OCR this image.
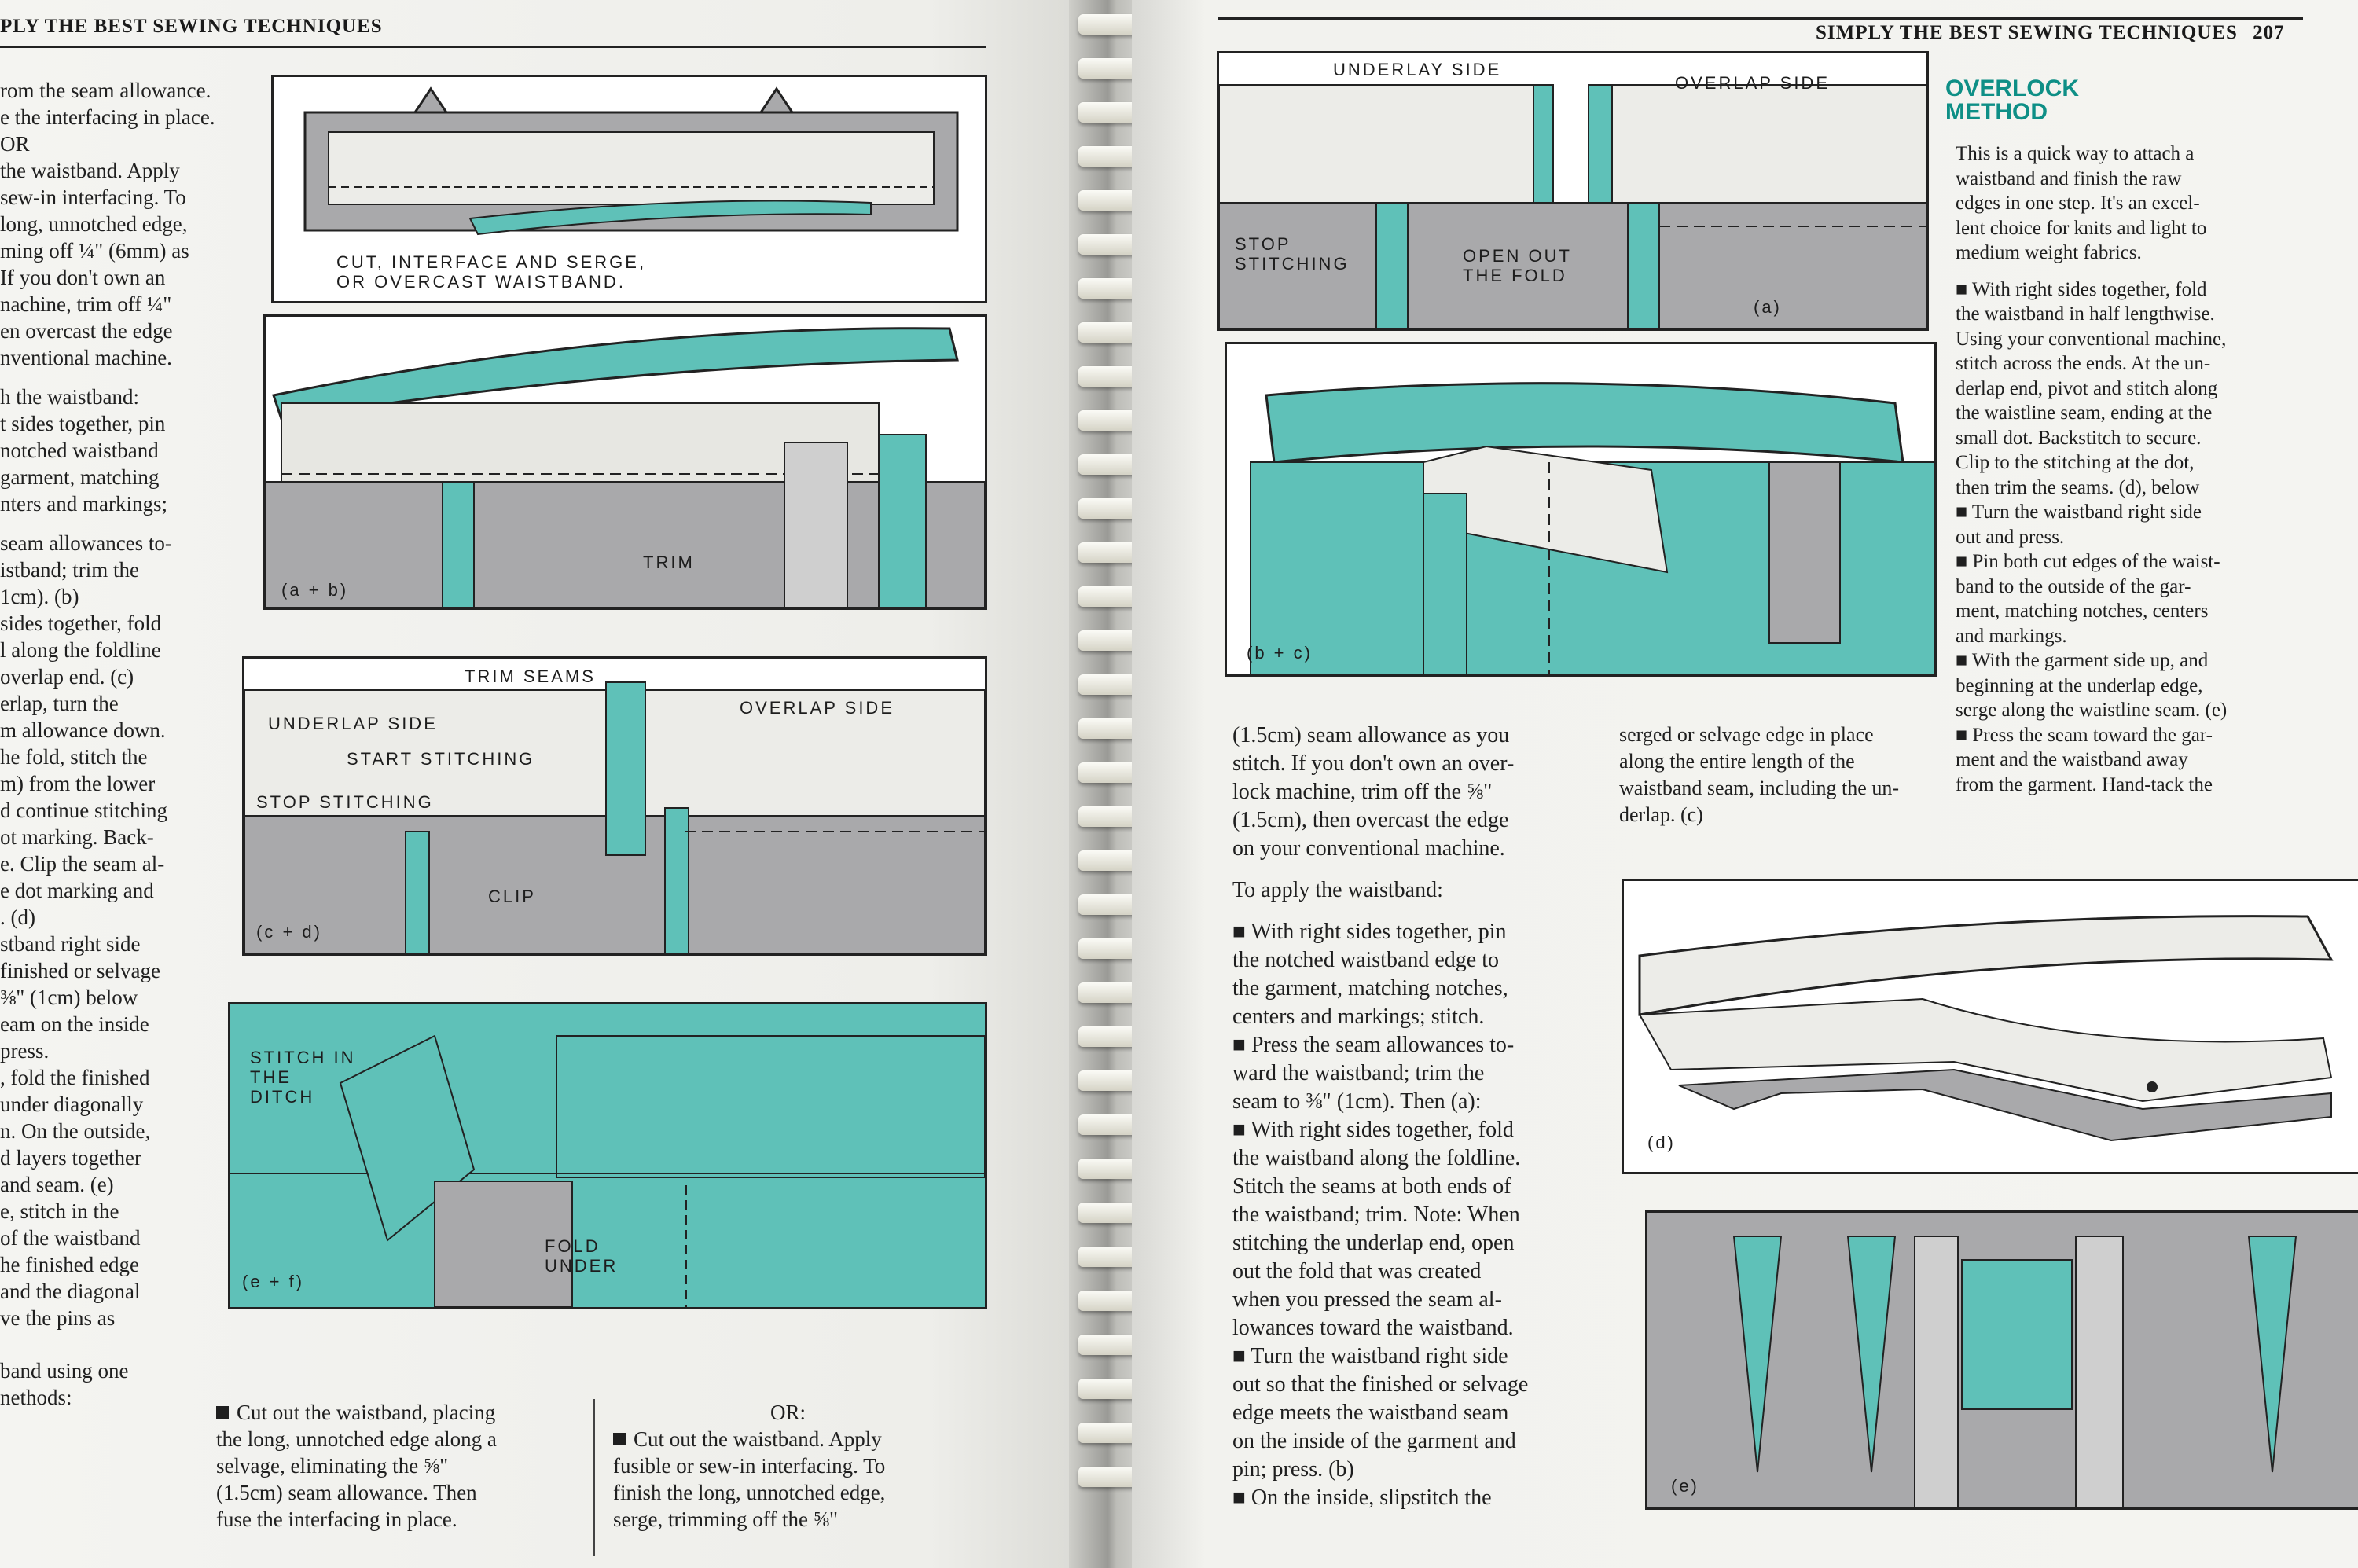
PLY THE BEST SEWING TECHNIQUES

rom the seam allowance.

e the interfacing in place.

OR

the waistband. Apply

sew-in interfacing. To

long, unnotched edge,

ming off ¼" (6mm) as

If you don't own an

nachine, trim off ¼"

en overcast the edge

nventional machine.

h the waistband:

t sides together, pin

notched waistband

garment, matching

nters and markings;

seam allowances to-

istband; trim the

1cm). (b)

sides together, fold

l along the foldline

overlap end. (c)

erlap, turn the

m allowance down.

he fold, stitch the

m) from the lower

d continue stitching

ot marking. Back-

e. Clip the seam al-

e dot marking and

. (d)

stband right side

finished or selvage

⅜" (1cm) below

eam on the inside

press.

, fold the finished

under diagonally

n. On the outside,

d layers together

and seam. (e)

e, stitch in the

of the waistband

he finished edge

and the diagonal

ve the pins as

band using one

nethods:

CUT, INTERFACE AND SERGE,
OR OVERCAST WAISTBAND.
TRIM
(a + b)
TRIM SEAMS
UNDERLAP SIDE
START STITCHING
STOP STITCHING
OVERLAP SIDE
CLIP
(c + d)
STITCH IN
THE
DITCH
FOLD
UNDER
(e + f)

Cut out the waistband, placing

the long, unnotched edge along a

selvage, eliminating the ⅝"

(1.5cm) seam allowance. Then

fuse the interfacing in place.

OR:

Cut out the waistband. Apply

fusible or sew-in interfacing. To

finish the long, unnotched edge,

serge, trimming off the ⅝"

SIMPLY THE BEST SEWING TECHNIQUES 207
UNDERLAY SIDE
OVERLAP SIDE
STOP
STITCHING	OPEN OUT
THE FOLD
(a)
(b + c)
(d)
(e)
OVERLOCK
METHOD

This is a quick way to attach a

waistband and finish the raw

edges in one step. It's an excel-

lent choice for knits and light to

medium weight fabrics.

■ With right sides together, fold

the waistband in half lengthwise.

Using your conventional machine,

stitch across the ends. At the un-

derlap end, pivot and stitch along

the waistline seam, ending at the

small dot. Backstitch to secure.

Clip to the stitching at the dot,

then trim the seams. (d), below

■ Turn the waistband right side

out and press.

■ Pin both cut edges of the waist-

band to the outside of the gar-

ment, matching notches, centers

and markings.

■ With the garment side up, and

beginning at the underlap edge,

serge along the waistline seam. (e)

■ Press the seam toward the gar-

ment and the waistband away

from the garment. Hand-tack the

(1.5cm) seam allowance as you

stitch. If you don't own an over-

lock machine, trim off the ⅝"

(1.5cm), then overcast the edge

on your conventional machine.

To apply the waistband:

■ With right sides together, pin

the notched waistband edge to

the garment, matching notches,

centers and markings; stitch.

■ Press the seam allowances to-

ward the waistband; trim the

seam to ⅜" (1cm). Then (a):

■ With right sides together, fold

the waistband along the foldline.

Stitch the seams at both ends of

the waistband; trim. Note: When

stitching the underlap end, open

out the fold that was created

when you pressed the seam al-

lowances toward the waistband.

■ Turn the waistband right side

out so that the finished or selvage

edge meets the waistband seam

on the inside of the garment and

pin; press. (b)

■ On the inside, slipstitch the

serged or selvage edge in place

along the entire length of the

waistband seam, including the un-

derlap. (c)
